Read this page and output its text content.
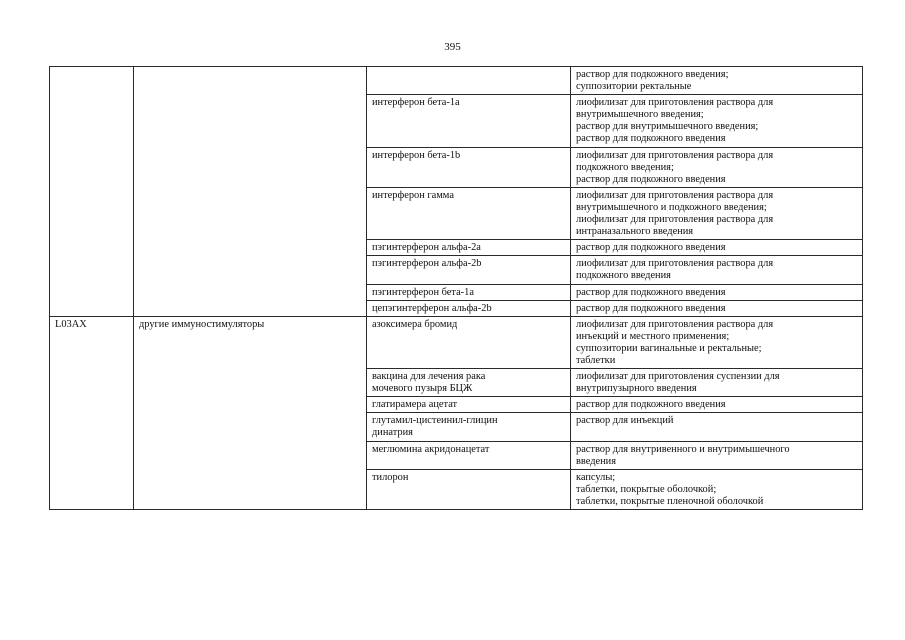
395
			раствор для подкожного введения;
суппозитории ректальные
		интерферон бета-1a	лиофилизат для приготовления раствора для
внутримышечного введения;
раствор для внутримышечного введения;
раствор для подкожного введения
		интерферон бета-1b	лиофилизат для приготовления раствора для
подкожного введения;
раствор для подкожного введения
		интерферон гамма	лиофилизат для приготовления раствора для
внутримышечного и подкожного введения;
лиофилизат для приготовления раствора для
интраназального введения
		пэгинтерферон альфа-2a	раствор для подкожного введения
		пэгинтерферон альфа-2b	лиофилизат для приготовления раствора для
подкожного введения
		пэгинтерферон бета-1a	раствор для подкожного введения
		цепэгинтерферон альфа-2b	раствор для подкожного введения
L03AX	другие иммуностимуляторы	азоксимера бромид	лиофилизат для приготовления раствора для
инъекций и местного применения;
суппозитории вагинальные и ректальные;
таблетки
		вакцина для лечения рака
мочевого пузыря БЦЖ	лиофилизат для приготовления суспензии для
внутрипузырного введения
		глатирамера ацетат	раствор для подкожного введения
		глутамил-цистеинил-глицин
динатрия	раствор для инъекций
		меглюмина акридонацетат	раствор для внутривенного и внутримышечного
введения
		тилорон	капсулы;
таблетки, покрытые оболочкой;
таблетки, покрытые пленочной оболочкой
